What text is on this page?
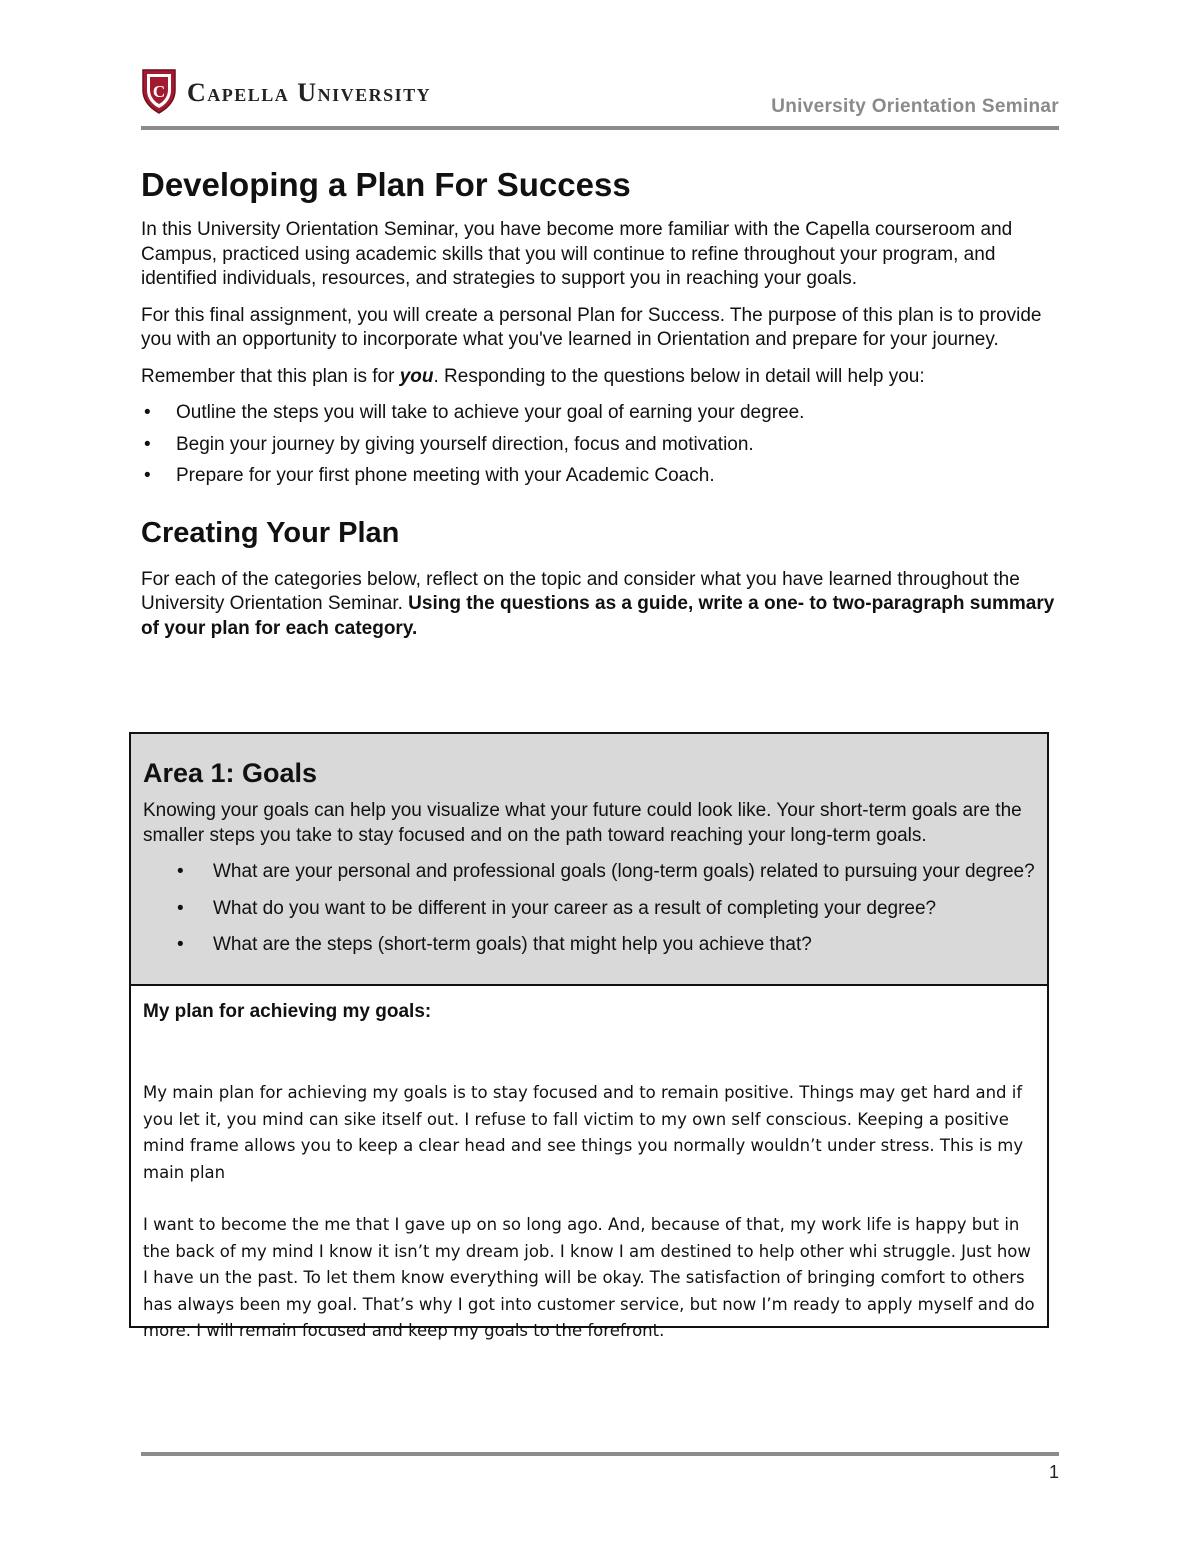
C Capella University	University Orientation Seminar
Developing a Plan For Success

In this University Orientation Seminar, you have become more familiar with the Capella courseroom and Campus, practiced using academic skills that you will continue to refine throughout your program, and identified individuals, resources, and strategies to support you in reaching your goals.

For this final assignment, you will create a personal Plan for Success. The purpose of this plan is to provide you with an opportunity to incorporate what you've learned in Orientation and prepare for your journey.

Remember that this plan is for you. Responding to the questions below in detail will help you:

• Outline the steps you will take to achieve your goal of earning your degree.
• Begin your journey by giving yourself direction, focus and motivation.
• Prepare for your first phone meeting with your Academic Coach.
Creating Your Plan

For each of the categories below, reflect on the topic and consider what you have learned throughout the University Orientation Seminar. Using the questions as a guide, write a one- to two-paragraph summary of your plan for each category.

Area 1: Goals

Knowing your goals can help you visualize what your future could look like. Your short-term goals are the smaller steps you take to stay focused and on the path toward reaching your long-term goals.

• What are your personal and professional goals (long-term goals) related to pursuing your degree?
• What do you want to be different in your career as a result of completing your degree?
• What are the steps (short-term goals) that might help you achieve that?

My plan for achieving my goals:

My main plan for achieving my goals is to stay focused and to remain positive. Things may get hard and if you let it, you mind can sike itself out. I refuse to fall victim to my own self conscious. Keeping a positive mind frame allows you to keep a clear head and see things you normally wouldn’t under stress. This is my main plan

I want to become the me that I gave up on so long ago. And, because of that, my work life is happy but in the back of my mind I know it isn’t my dream job. I know I am destined to help other whi struggle. Just how I have un the past. To let them know everything will be okay. The satisfaction of bringing comfort to others has always been my goal. That’s why I got into customer service, but now I’m ready to apply myself and do more. I will remain focused and keep my goals to the forefront.

1
